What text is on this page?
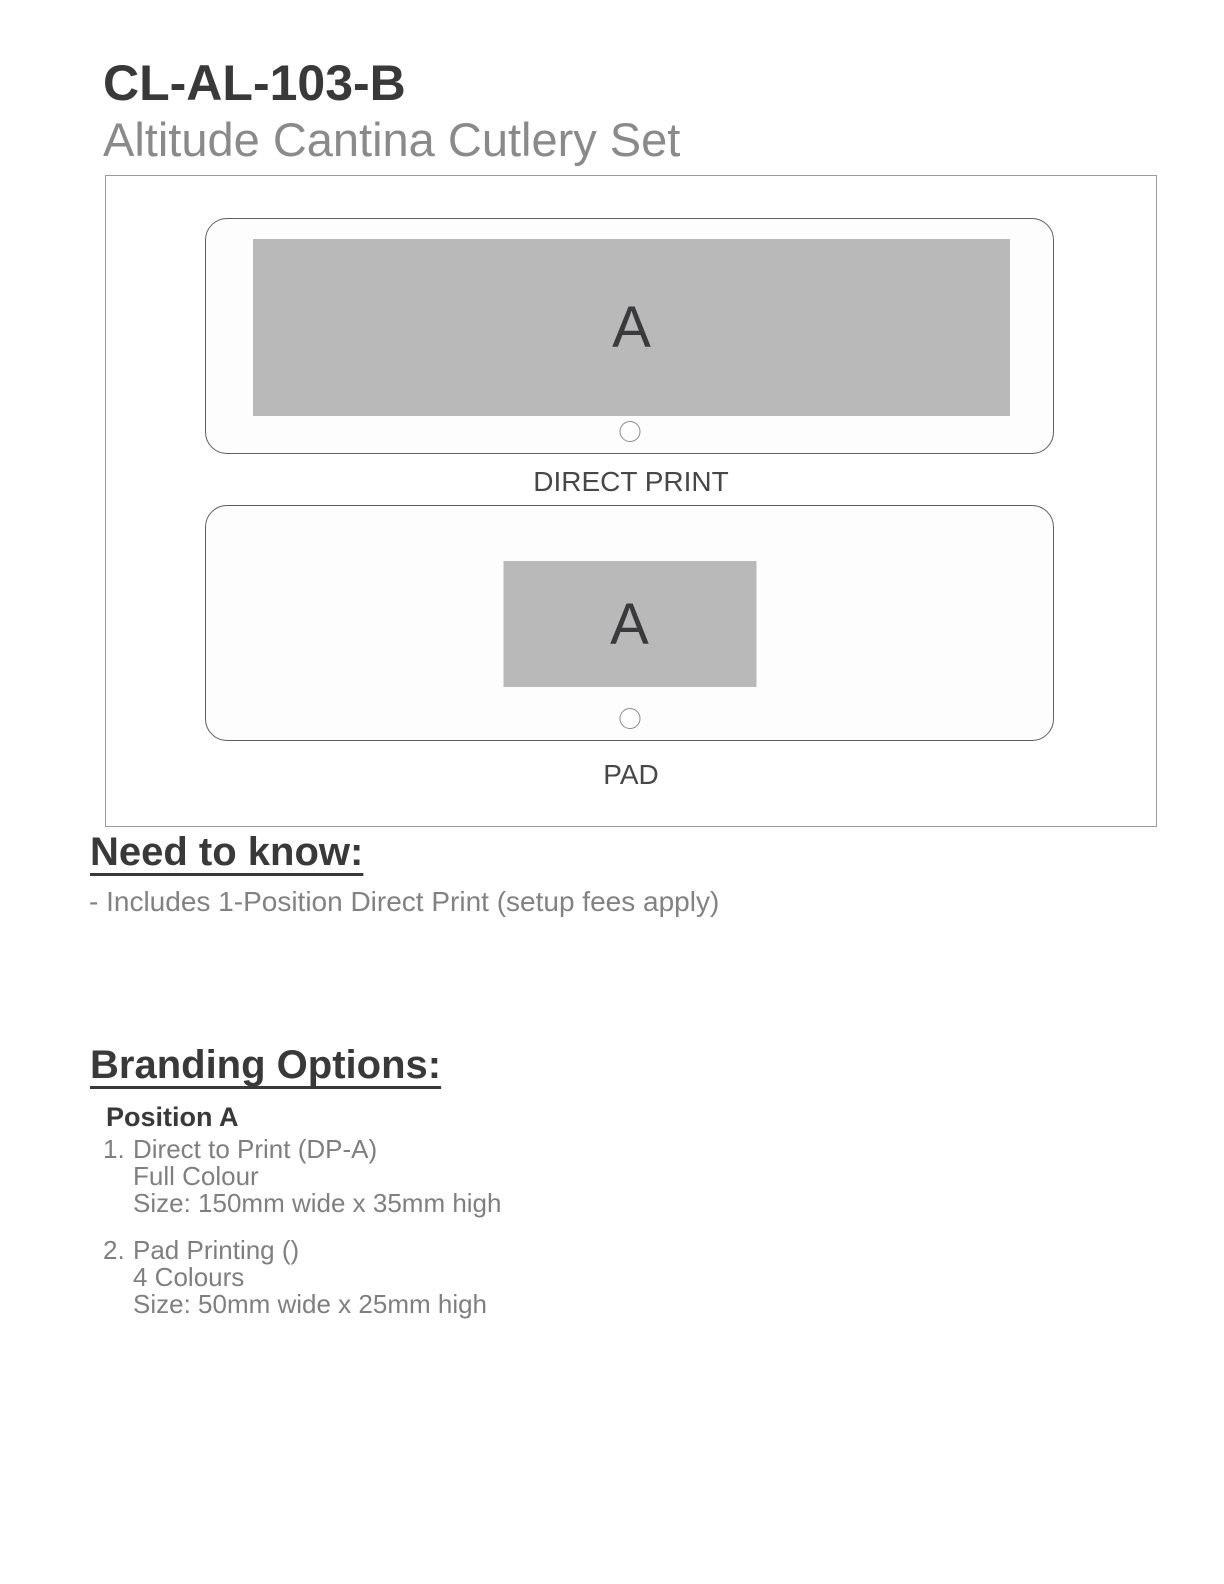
CL-AL-103-B
Altitude Cantina Cutlery Set
A
DIRECT PRINT
A
PAD
Need to know:

- Includes 1-Position Direct Print (setup fees apply)

Branding Options:
Position A
1. Direct to Print (DP-A)
Full Colour
Size: 150mm wide x 35mm high
2. Pad Printing ()
4 Colours
Size: 50mm wide x 25mm high
